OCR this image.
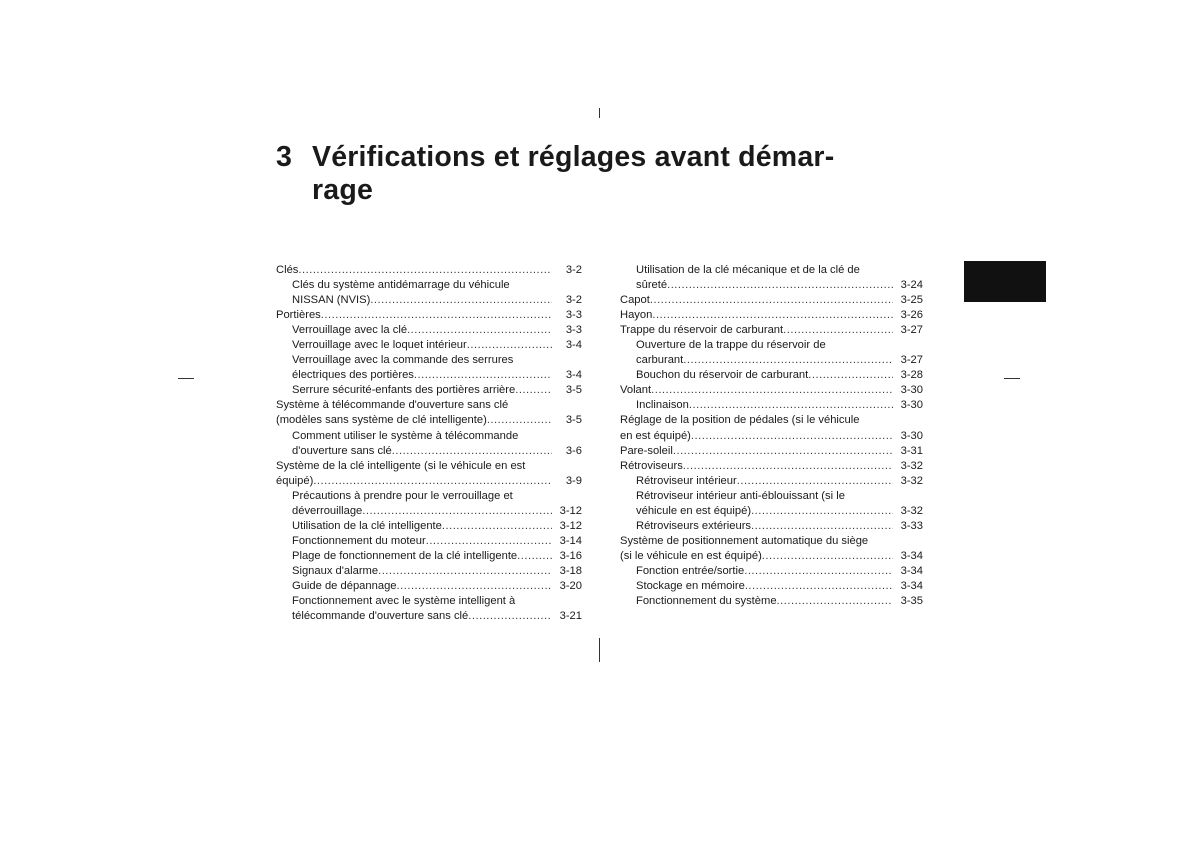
3 Vérifications et réglages avant démar-
rage
Clés .....	3-2
Clés du système antidémarrage du véhicule
NISSAN (NVIS) .....	3-2
Portières .....	3-3
Verrouillage avec la clé .....	3-3
Verrouillage avec le loquet intérieur .....	3-4
Verrouillage avec la commande des serrures
électriques des portières .....	3-4
Serrure sécurité-enfants des portières arrière .....	3-5
Système à télécommande d'ouverture sans clé
(modèles sans système de clé intelligente) .....	3-5
Comment utiliser le système à télécommande
d'ouverture sans clé .....	3-6
Système de la clé intelligente (si le véhicule en est
équipé) .....	3-9
Précautions à prendre pour le verrouillage et
déverrouillage .....	3-12
Utilisation de la clé intelligente .....	3-12
Fonctionnement du moteur .....	3-14
Plage de fonctionnement de la clé intelligente .....	3-16
Signaux d'alarme .....	3-18
Guide de dépannage .....	3-20
Fonctionnement avec le système intelligent à
télécommande d'ouverture sans clé .....	3-21
Utilisation de la clé mécanique et de la clé de
sûreté .....	3-24
Capot .....	3-25
Hayon .....	3-26
Trappe du réservoir de carburant .....	3-27
Ouverture de la trappe du réservoir de
carburant .....	3-27
Bouchon du réservoir de carburant .....	3-28
Volant .....	3-30
Inclinaison .....	3-30
Réglage de la position de pédales (si le véhicule
en est équipé) .....	3-30
Pare-soleil .....	3-31
Rétroviseurs .....	3-32
Rétroviseur intérieur .....	3-32
Rétroviseur intérieur anti-éblouissant (si le
véhicule en est équipé) .....	3-32
Rétroviseurs extérieurs .....	3-33
Système de positionnement automatique du siège
(si le véhicule en est équipé) .....	3-34
Fonction entrée/sortie .....	3-34
Stockage en mémoire .....	3-34
Fonctionnement du système .....	3-35
